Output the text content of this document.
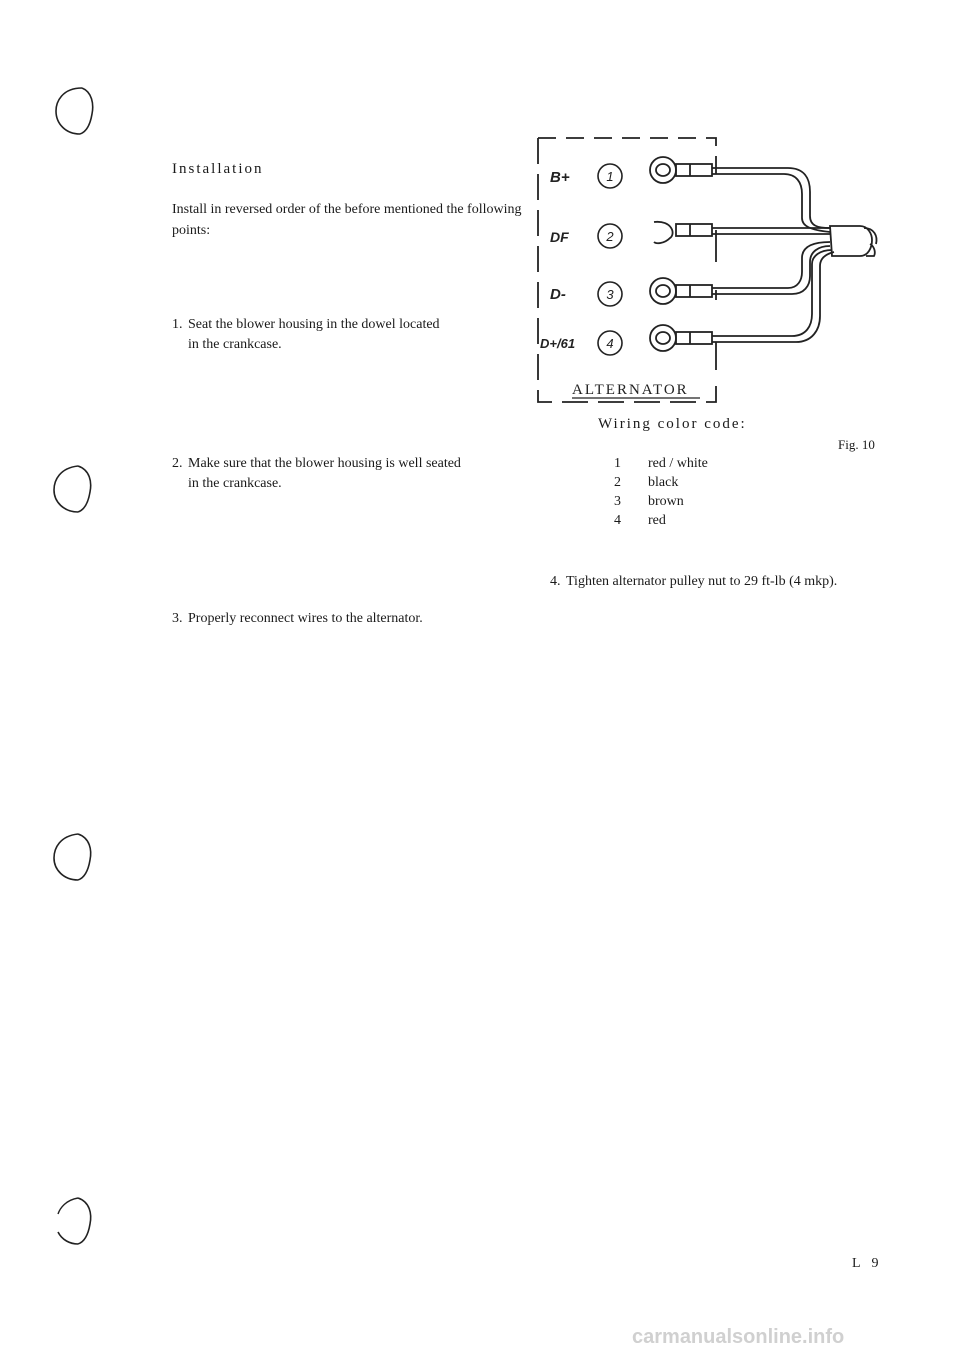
Installation
Install in reversed order of the before mentioned the following points:
1. Seat the blower housing in the dowel located
in the crankcase.
2. Make sure that the blower housing is well seated
in the crankcase.
3. Properly reconnect wires to the alternator.
B+
DF
D-
D+/61
1
2
3
4
ALTERNATOR
Wiring color code:
Fig. 10
1 red / white
2 black
3 brown
4 red
4. Tighten alternator pulley nut to 29 ft-lb (4 mkp).
L 9
carmanualsonline.info
